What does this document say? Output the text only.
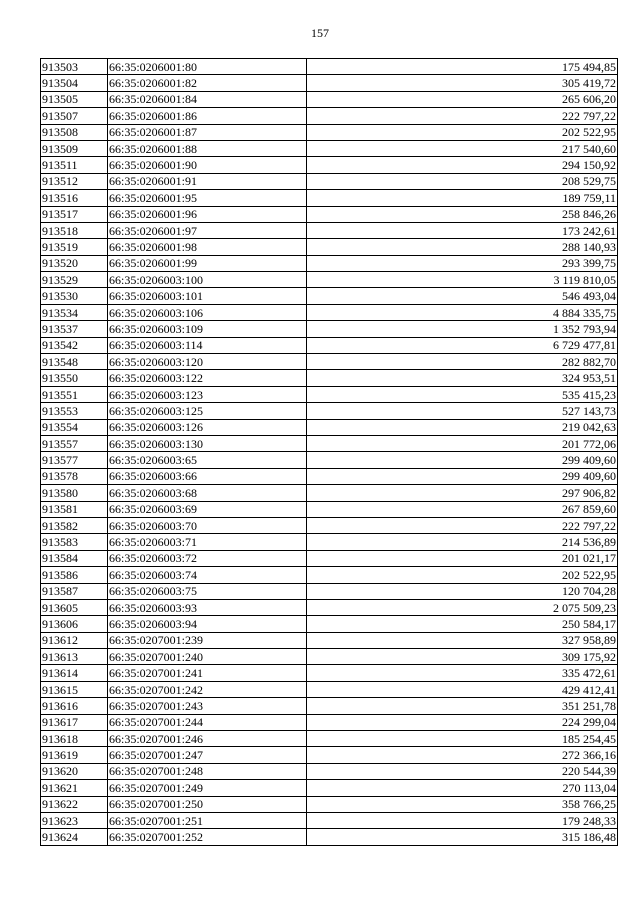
157
913503	66:35:0206001:80	175 494,85
913504	66:35:0206001:82	305 419,72
913505	66:35:0206001:84	265 606,20
913507	66:35:0206001:86	222 797,22
913508	66:35:0206001:87	202 522,95
913509	66:35:0206001:88	217 540,60
913511	66:35:0206001:90	294 150,92
913512	66:35:0206001:91	208 529,75
913516	66:35:0206001:95	189 759,11
913517	66:35:0206001:96	258 846,26
913518	66:35:0206001:97	173 242,61
913519	66:35:0206001:98	288 140,93
913520	66:35:0206001:99	293 399,75
913529	66:35:0206003:100	3 119 810,05
913530	66:35:0206003:101	546 493,04
913534	66:35:0206003:106	4 884 335,75
913537	66:35:0206003:109	1 352 793,94
913542	66:35:0206003:114	6 729 477,81
913548	66:35:0206003:120	282 882,70
913550	66:35:0206003:122	324 953,51
913551	66:35:0206003:123	535 415,23
913553	66:35:0206003:125	527 143,73
913554	66:35:0206003:126	219 042,63
913557	66:35:0206003:130	201 772,06
913577	66:35:0206003:65	299 409,60
913578	66:35:0206003:66	299 409,60
913580	66:35:0206003:68	297 906,82
913581	66:35:0206003:69	267 859,60
913582	66:35:0206003:70	222 797,22
913583	66:35:0206003:71	214 536,89
913584	66:35:0206003:72	201 021,17
913586	66:35:0206003:74	202 522,95
913587	66:35:0206003:75	120 704,28
913605	66:35:0206003:93	2 075 509,23
913606	66:35:0206003:94	250 584,17
913612	66:35:0207001:239	327 958,89
913613	66:35:0207001:240	309 175,92
913614	66:35:0207001:241	335 472,61
913615	66:35:0207001:242	429 412,41
913616	66:35:0207001:243	351 251,78
913617	66:35:0207001:244	224 299,04
913618	66:35:0207001:246	185 254,45
913619	66:35:0207001:247	272 366,16
913620	66:35:0207001:248	220 544,39
913621	66:35:0207001:249	270 113,04
913622	66:35:0207001:250	358 766,25
913623	66:35:0207001:251	179 248,33
913624	66:35:0207001:252	315 186,48
